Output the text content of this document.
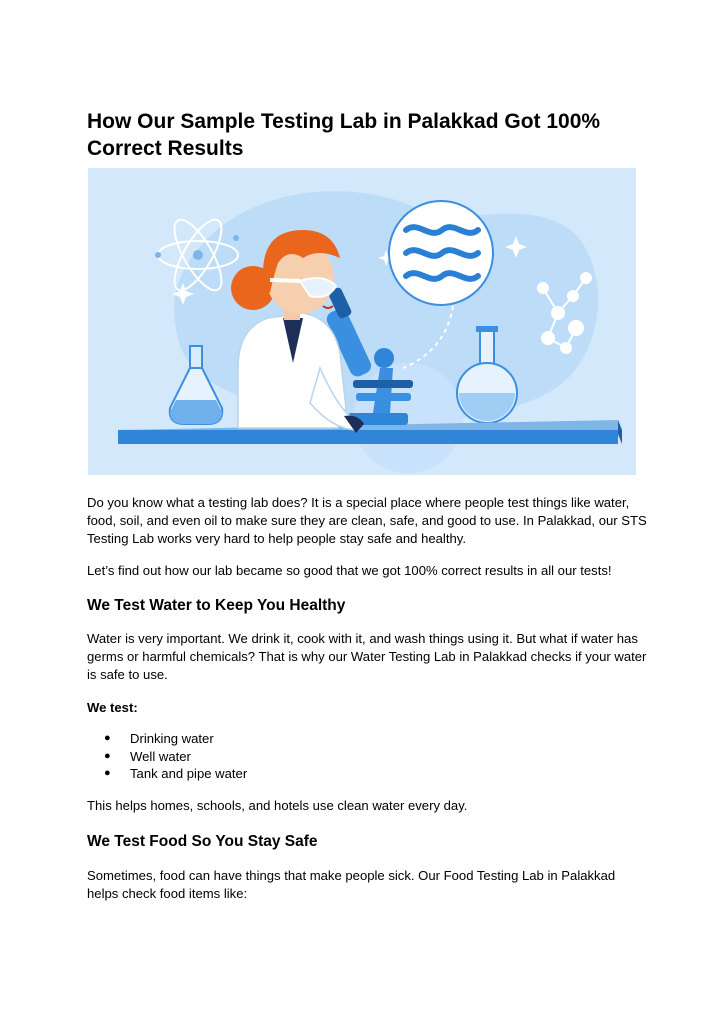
How Our Sample Testing Lab in Palakkad Got 100% Correct Results

Do you know what a testing lab does? It is a special place where people test things like water, food, soil, and even oil to make sure they are clean, safe, and good to use. In Palakkad, our STS Testing Lab works very hard to help people stay safe and healthy.

Let’s find out how our lab became so good that we got 100% correct results in all our tests!

We Test Water to Keep You Healthy

Water is very important. We drink it, cook with it, and wash things using it. But what if water has germs or harmful chemicals? That is why our Water Testing Lab in Palakkad checks if your water is safe to use.

We test:

● Drinking water
● Well water
● Tank and pipe water

This helps homes, schools, and hotels use clean water every day.

We Test Food So You Stay Safe

Sometimes, food can have things that make people sick. Our Food Testing Lab in Palakkad helps check food items like:
